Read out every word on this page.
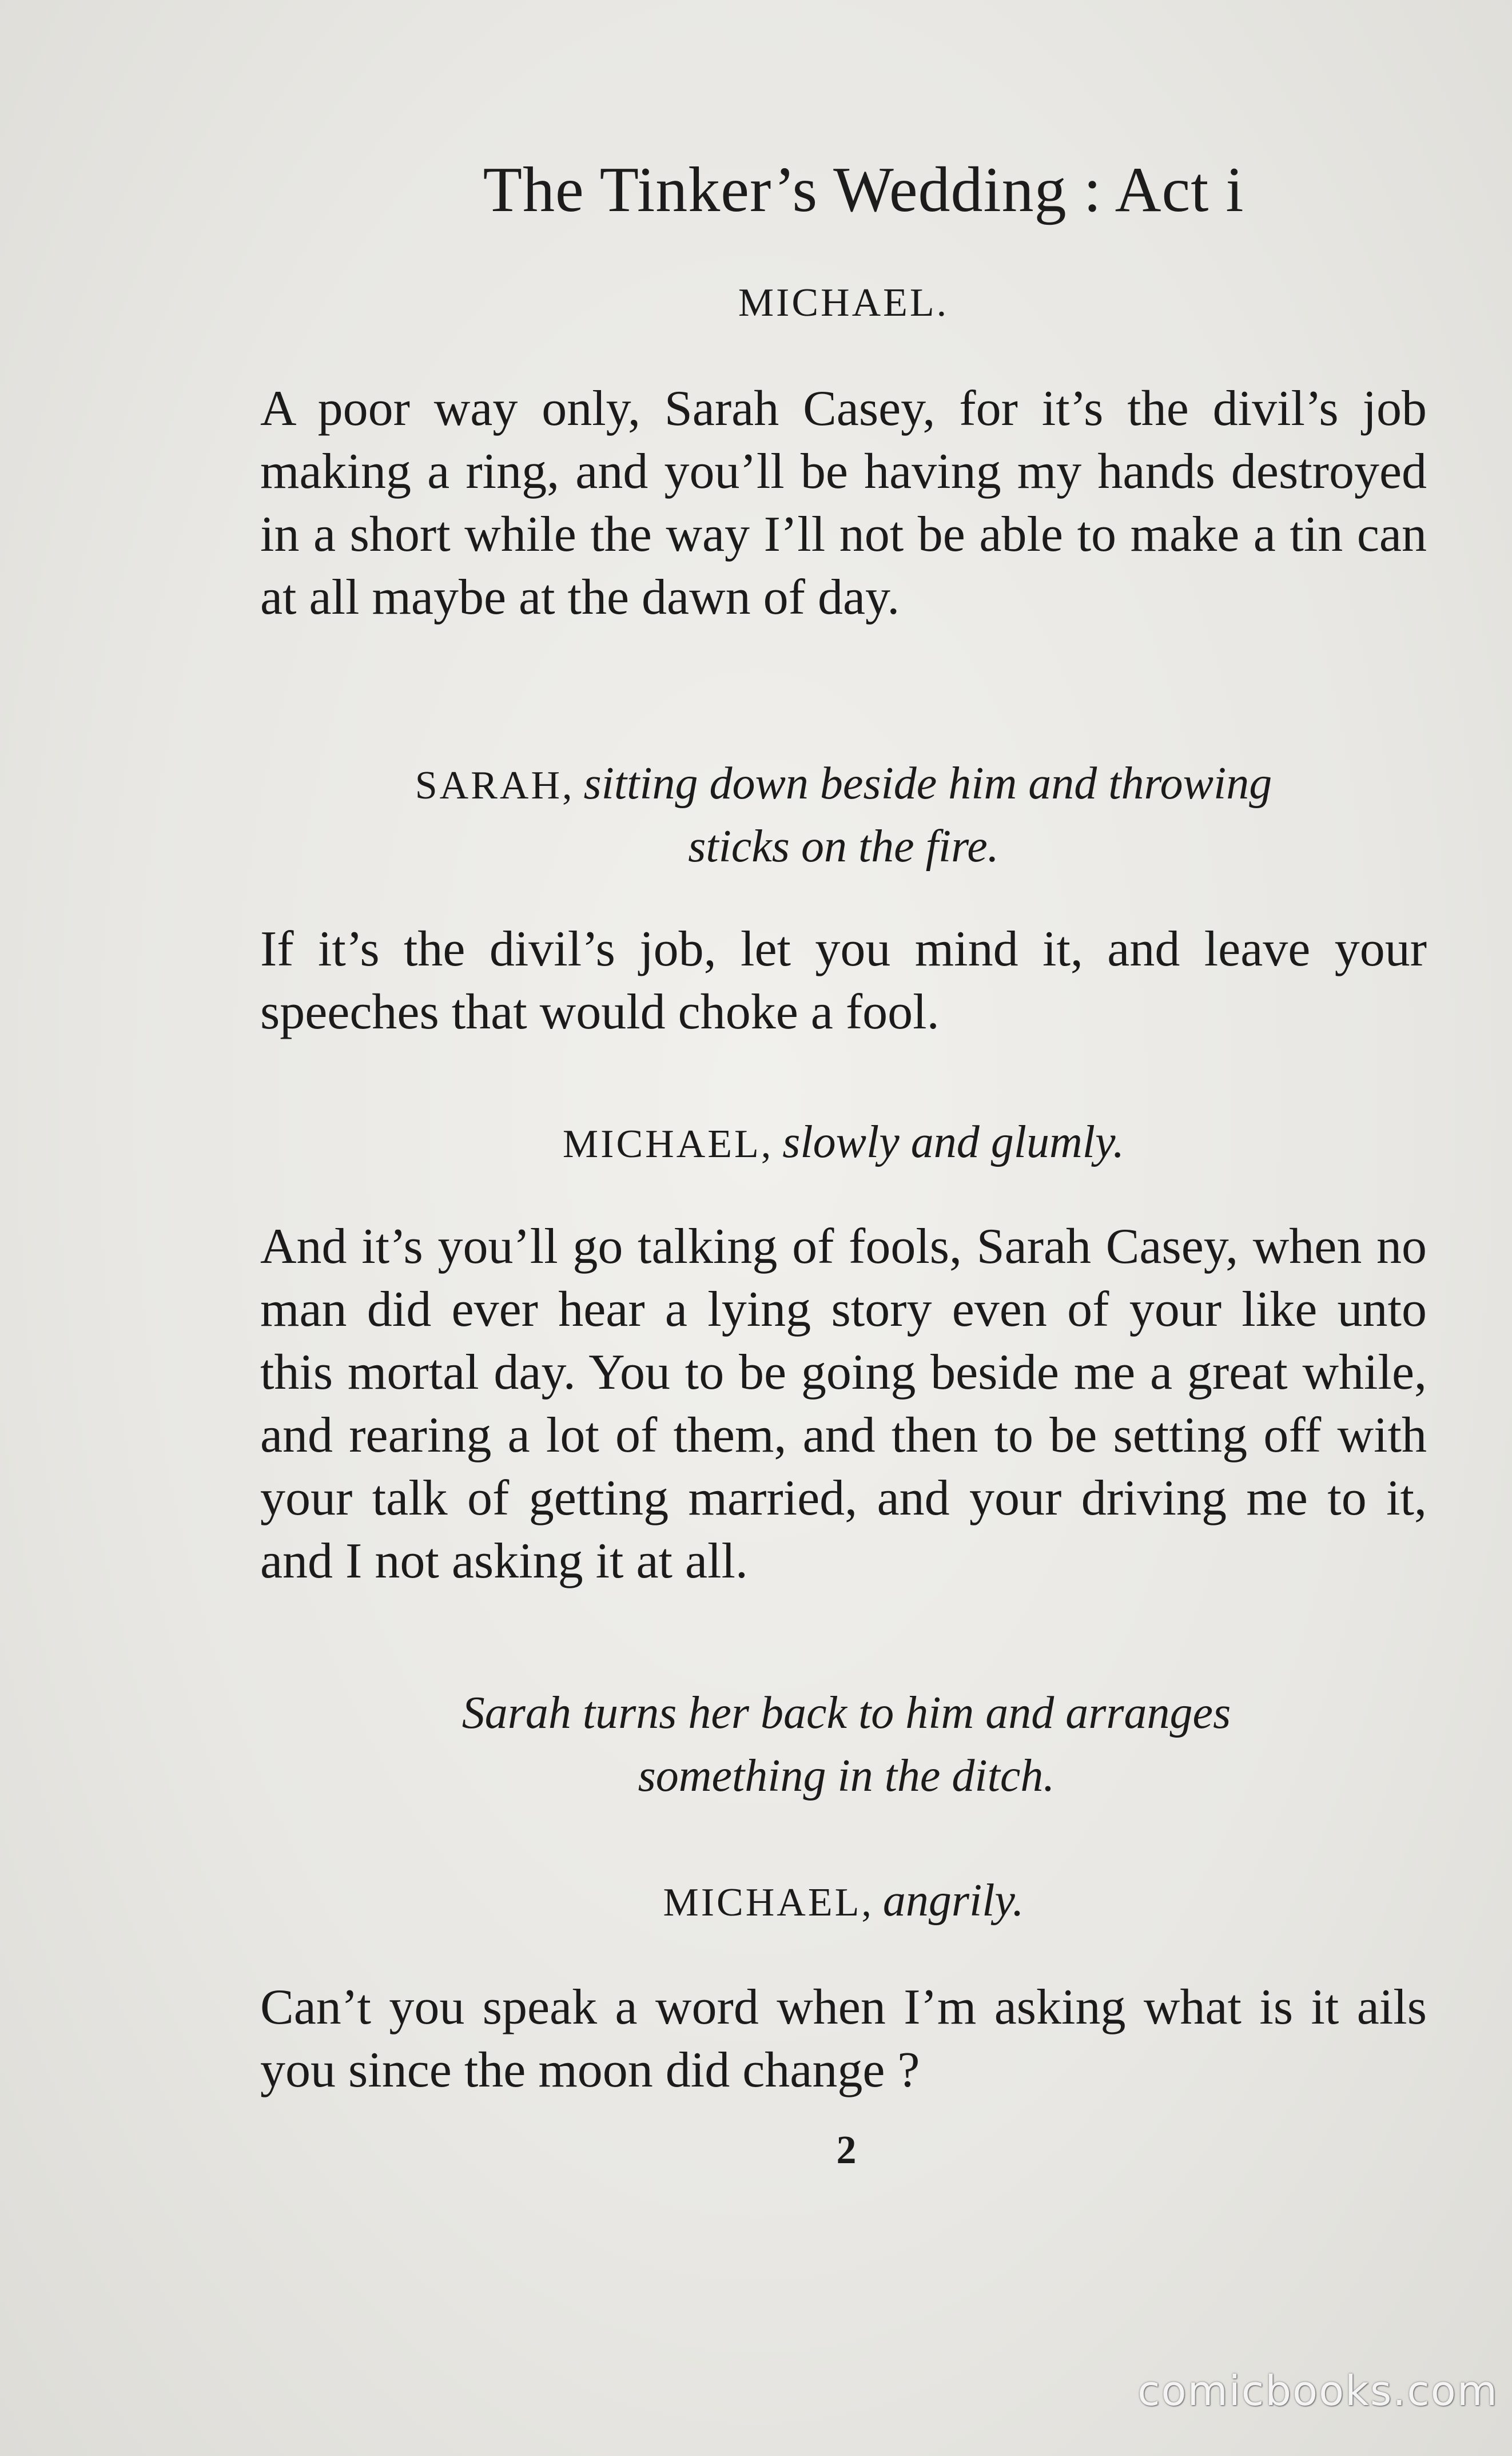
The Tinker’s Wedding : Act i
MICHAEL.
A poor way only, Sarah Casey, for it’s the divil’s job making a ring, and you’ll be having my hands destroyed in a short while the way I’ll not be able to make a tin can at all maybe at the dawn of day.
SARAH, sitting down beside him and throwing
sticks on the fire.
If it’s the divil’s job, let you mind it, and leave your speeches that would choke a fool.
MICHAEL, slowly and glumly.
And it’s you’ll go talking of fools, Sarah Casey, when no man did ever hear a lying story even of your like unto this mortal day. You to be going beside me a great while, and rearing a lot of them, and then to be setting off with your talk of getting married, and your driving me to it, and I not asking it at all.
Sarah turns her back to him and arranges
something in the ditch.
MICHAEL, angrily.
Can’t you speak a word when I’m asking what is it ails you since the moon did change ?
2
comicbooks.com
